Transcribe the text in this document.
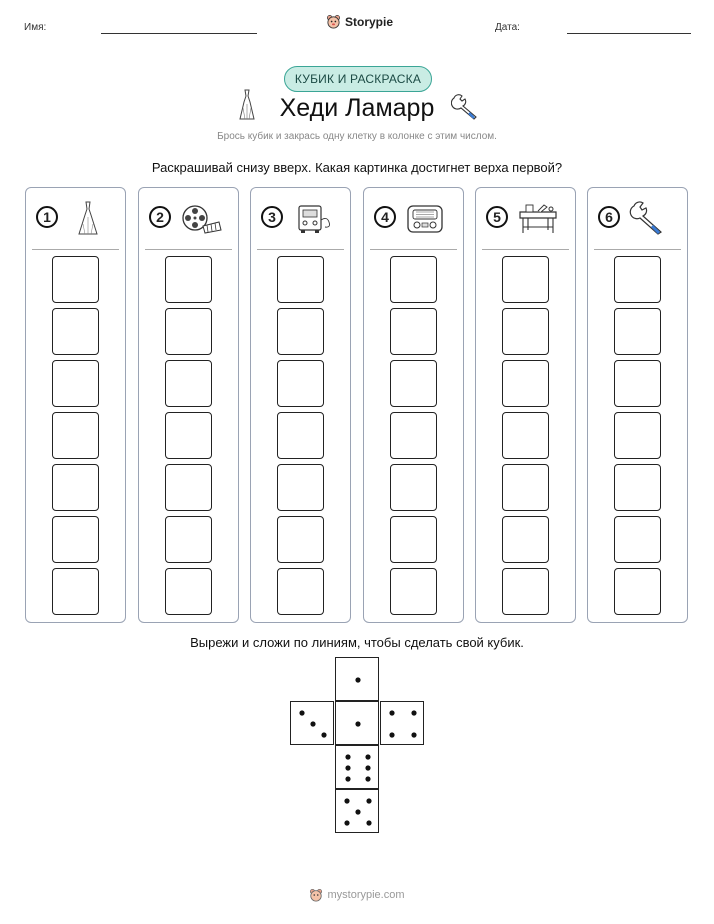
Имя:	Storypie	Дата:
КУБИК И РАСКРАСКА
Хеди Ламарр
Брось кубик и закрась одну клетку в колонке с этим числом.
Раскрашивай снизу вверх. Какая картинка достигнет верха первой?
1	2	3	4	5	6
Вырежи и сложи по линиям, чтобы сделать свой кубик.
mystorypie.com
